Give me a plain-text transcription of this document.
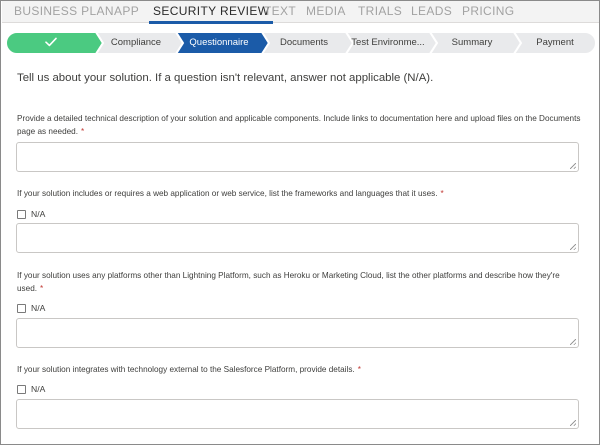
BUSINESS PLAN APP SECURITY REVIEW
TEXT MEDIA TRIALS LEADS PRICING
Compliance	Questionnaire	Documents	Test Environme...	Summary	Payment
Tell us about your solution. If a question isn't relevant, answer not applicable (N/A).
Provide a detailed technical description of your solution and applicable components. Include links to documentation here and upload files on the Documents page as needed. *
If your solution includes or requires a web application or web service, list the frameworks and languages that it uses. *
N/A
If your solution uses any platforms other than Lightning Platform, such as Heroku or Marketing Cloud, list the other platforms and describe how they're used. *
N/A
If your solution integrates with technology external to the Salesforce Platform, provide details. *
N/A
